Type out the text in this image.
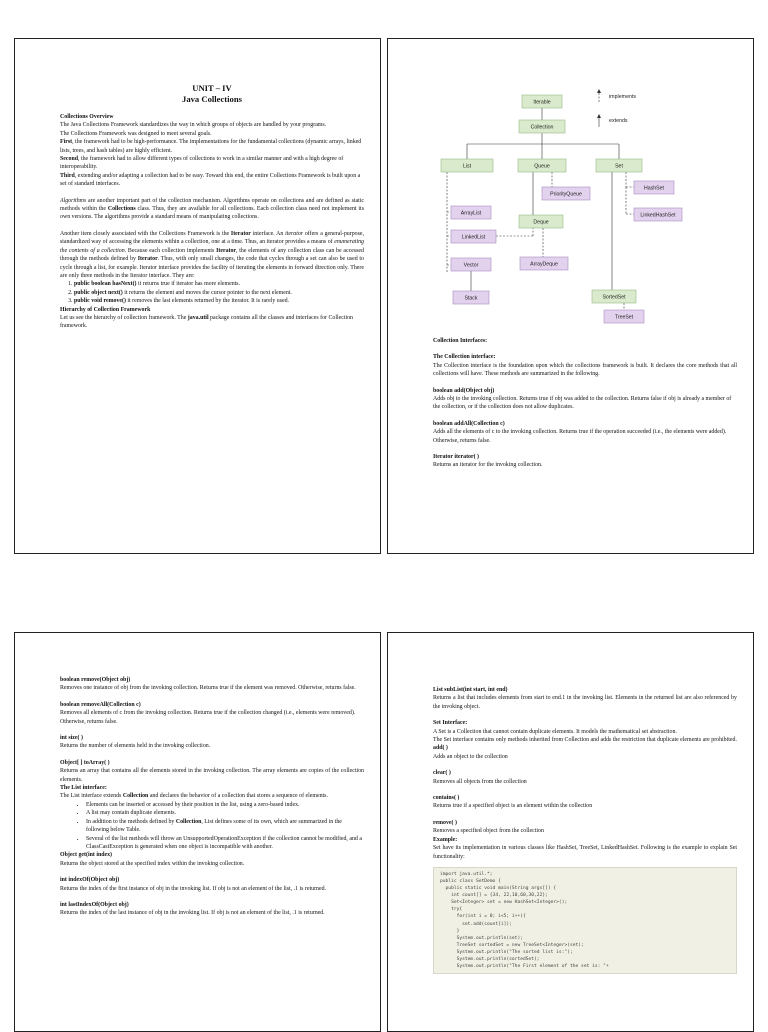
UNIT – IV

Java Collections

Collections Overview

The Java Collections Framework standardizes the way in which groups of objects are handled by your programs.

The Collections Framework was designed to meet several goals.

First, the framework had to be high-performance. The implementations for the fundamental collections (dynamic arrays, linked lists, trees, and hash tables) are highly efficient.

Second, the framework had to allow different types of collections to work in a similar manner and with a high degree of interoperability.

Third, extending and/or adapting a collection had to be easy. Toward this end, the entire Collections Framework is built upon a set of standard interfaces.

Algorithms are another important part of the collection mechanism. Algorithms operate on collections and are defined as static methods within the Collections class. Thus, they are available for all collections. Each collection class need not implement its own versions. The algorithms provide a standard means of manipulating collections.

Another item closely associated with the Collections Framework is the Iterator interface. An iterator offers a general-purpose, standardized way of accessing the elements within a collection, one at a time. Thus, an iterator provides a means of enumerating the contents of a collection. Because each collection implements Iterator, the elements of any collection class can be accessed through the methods defined by Iterator. Thus, with only small changes, the code that cycles through a set can also be used to cycle through a list, for example. Iterator interface provides the facility of iterating the elements in forward direction only. There are only three methods in the Iterator interface. They are:

1. public boolean hasNext() it returns true if iterator has more elements.
2. public object next() it returns the element and moves the cursor pointer to the next element.
3. public void remove() it removes the last elements returned by the iterator. It is rarely used.

Hierarchy of Collection Framework

Let us see the hierarchy of collection framework. The java.util package contains all the classes and interfaces for Collection framework.

Iterable
Collection
List	Queue	Set
PriorityQueue
HashSet
LinkedHashSet
ArrayList
LinkedList
Deque
Vector	ArrayDeque
Stack	SortedSet
TreeSet
implements
extends

Collection Interfaces:

The Collection interface:

The Collection interface is the foundation upon which the collections framework is built. It declares the core methods that all collections will have. These methods are summarized in the following.

boolean add(Object obj)

Adds obj to the invoking collection. Returns true if obj was added to the collection. Returns false if obj is already a member of the collection, or if the collection does not allow duplicates.

boolean addAll(Collection c)

Adds all the elements of c to the invoking collection. Returns true if the operation succeeded (i.e., the elements were added). Otherwise, returns false.

Iterator iterator( )

Returns an iterator for the invoking collection.

boolean remove(Object obj)

Removes one instance of obj from the invoking collection. Returns true if the element was removed. Otherwise, returns false.

boolean removeAll(Collection c)

Removes all elements of c from the invoking collection. Returns true if the collection changed (i.e., elements were removed). Otherwise, returns false.

int size( )

Returns the number of elements held in the invoking collection.

Object[ ] toArray( )

Returns an array that contains all the elements stored in the invoking collection. The array elements are copies of the collection elements.

The List interface:

The List interface extends Collection and declares the behavior of a collection that stores a sequence of elements.

• Elements can be inserted or accessed by their position in the list, using a zero-based index.
• A list may contain duplicate elements.
• In addition to the methods defined by Collection, List defines some of its own, which are summarized in the following below Table.
• Several of the list methods will throw an UnsupportedOperationException if the collection cannot be modified, and a ClassCastException is generated when one object is incompatible with another.

Object get(int index)

Returns the object stored at the specified index within the invoking collection.

int indexOf(Object obj)

Returns the index of the first instance of obj in the invoking list. If obj is not an element of the list, .1 is returned.

int lastIndexOf(Object obj)

Returns the index of the last instance of obj in the invoking list. If obj is not an element of the list, .1 is returned.

List subList(int start, int end)

Returns a list that includes elements from start to end.1 in the invoking list. Elements in the returned list are also referenced by the invoking object.

Set Interface:

A Set is a Collection that cannot contain duplicate elements. It models the mathematical set abstraction.

The Set interface contains only methods inherited from Collection and adds the restriction that duplicate elements are prohibited.

add( )

Adds an object to the collection

clear( )

Removes all objects from the collection

contains( )

Returns true if a specified object is an element within the collection

remove( )

Removes a specified object from the collection

Example:

Set have its implementation in various classes like HashSet, TreeSet, LinkedHashSet. Following is the example to explain Set functionality:

import java.util.*;
public class SetDemo {
public static void main(String args[]) {
int count[] = {34, 22,10,60,30,22};
Set<Integer> set = new HashSet<Integer>();
try{
for(int i = 0; i<5; i++){
set.add(count[i]);
}
System.out.println(set);
TreeSet sortedSet = new TreeSet<Integer>(set);
System.out.println("The sorted list is:");
System.out.println(sortedSet);
System.out.println("The First element of the set is: "+
